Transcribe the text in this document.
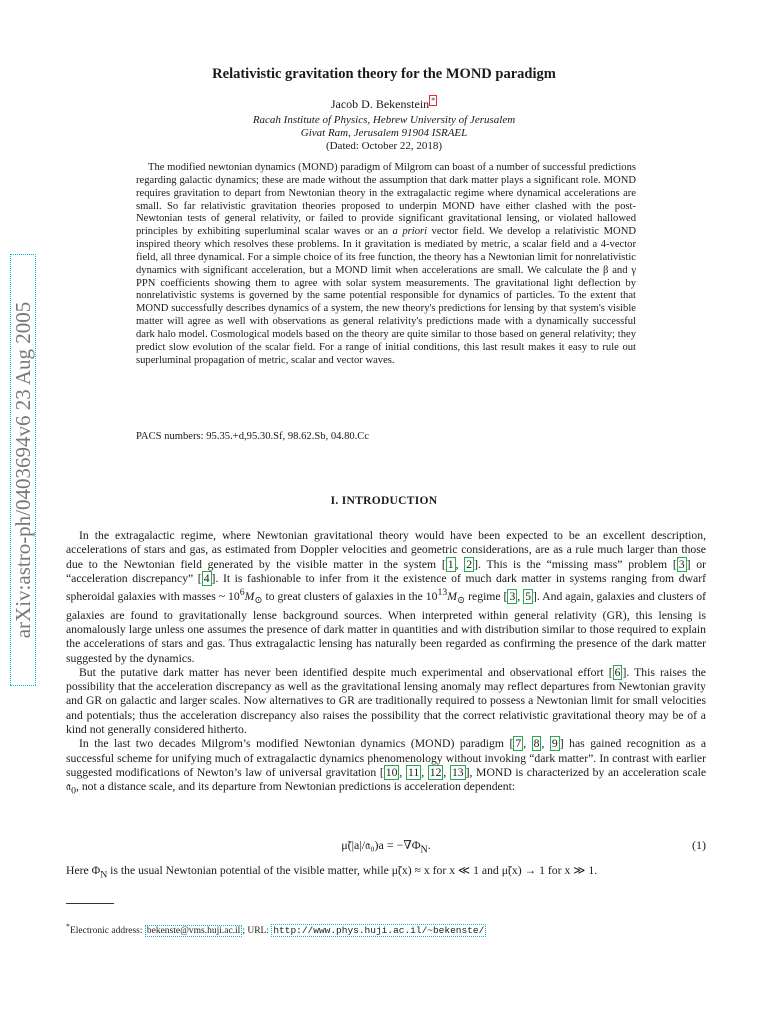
arXiv:astro-ph/0403694v6 23 Aug 2005
Relativistic gravitation theory for the MOND paradigm
Jacob D. Bekenstein *
Racah Institute of Physics, Hebrew University of Jerusalem
Givat Ram, Jerusalem 91904 ISRAEL
(Dated: October 22, 2018)
The modified newtonian dynamics (MOND) paradigm of Milgrom can boast of a number of successful predictions regarding galactic dynamics; these are made without the assumption that dark matter plays a significant role. MOND requires gravitation to depart from Newtonian theory in the extragalactic regime where dynamical accelerations are small. So far relativistic gravitation theories proposed to underpin MOND have either clashed with the post-Newtonian tests of general relativity, or failed to provide significant gravitational lensing, or violated hallowed principles by exhibiting superluminal scalar waves or an a priori vector field. We develop a relativistic MOND inspired theory which resolves these problems. In it gravitation is mediated by metric, a scalar field and a 4-vector field, all three dynamical. For a simple choice of its free function, the theory has a Newtonian limit for nonrelativistic dynamics with significant acceleration, but a MOND limit when accelerations are small. We calculate the β and γ PPN coefficients showing them to agree with solar system measurements. The gravitational light deflection by nonrelativistic systems is governed by the same potential responsible for dynamics of particles. To the extent that MOND successfully describes dynamics of a system, the new theory's predictions for lensing by that system's visible matter will agree as well with observations as general relativity's predictions made with a dynamically successful dark halo model. Cosmological models based on the theory are quite similar to those based on general relativity; they predict slow evolution of the scalar field. For a range of initial conditions, this last result makes it easy to rule out superluminal propagation of metric, scalar and vector waves.
PACS numbers: 95.35.+d,95.30.Sf, 98.62.Sb, 04.80.Cc
I. INTRODUCTION

In the extragalactic regime, where Newtonian gravitational theory would have been expected to be an excellent description, accelerations of stars and gas, as estimated from Doppler velocities and geometric considerations, are as a rule much larger than those due to the Newtonian field generated by the visible matter in the system [ 1 , 2 ]. This is the “missing mass” problem [ 3 ] or “acceleration discrepancy” [ 4 ]. It is fashionable to infer from it the existence of much dark matter in systems ranging from dwarf spheroidal galaxies with masses ~ $10^6M_⊙$ to great clusters of galaxies in the $10^{13}M_⊙$ regime [ 3 , 5 ]. And again, galaxies and clusters of galaxies are found to gravitationally lense background sources. When interpreted within general relativity (GR), this lensing is anomalously large unless one assumes the presence of dark matter in quantities and with distribution similar to those required to explain the accelerations of stars and gas. Thus extragalactic lensing has naturally been regarded as confirming the presence of the dark matter suggested by the dynamics.

But the putative dark matter has never been identified despite much experimental and observational effort [ 6 ]. This raises the possibility that the acceleration discrepancy as well as the gravitational lensing anomaly may reflect departures from Newtonian gravity and GR on galactic and larger scales. Now alternatives to GR are traditionally required to possess a Newtonian limit for small velocities and potentials; thus the acceleration discrepancy also raises the possibility that the correct relativistic gravitational theory may be of a kind not generally considered hitherto.

In the last two decades Milgrom’s modified Newtonian dynamics (MOND) paradigm [ 7 , 8 , 9 ] has gained recognition as a successful scheme for unifying much of extragalactic dynamics phenomenology without invoking “dark matter”. In contrast with earlier suggested modifications of Newton’s law of universal gravitation [ 10 , 11 , 12 , 13 ], MOND is characterized by an acceleration scale 𝔞$_0$, not a distance scale, and its departure from Newtonian predictions is acceleration dependent:

μ̃(|a|/𝔞₀)a = $-\nabla\Phi_N$.	(1)
Here $\Phi_N$ is the usual Newtonian potential of the visible matter, while μ̃(x) ≈ x for x ≪ 1 and μ̃(x) → 1 for x ≫ 1.
*Electronic address: bekenste@vms.huji.ac.il ; URL: http://www.phys.huji.ac.il/~bekenste/
